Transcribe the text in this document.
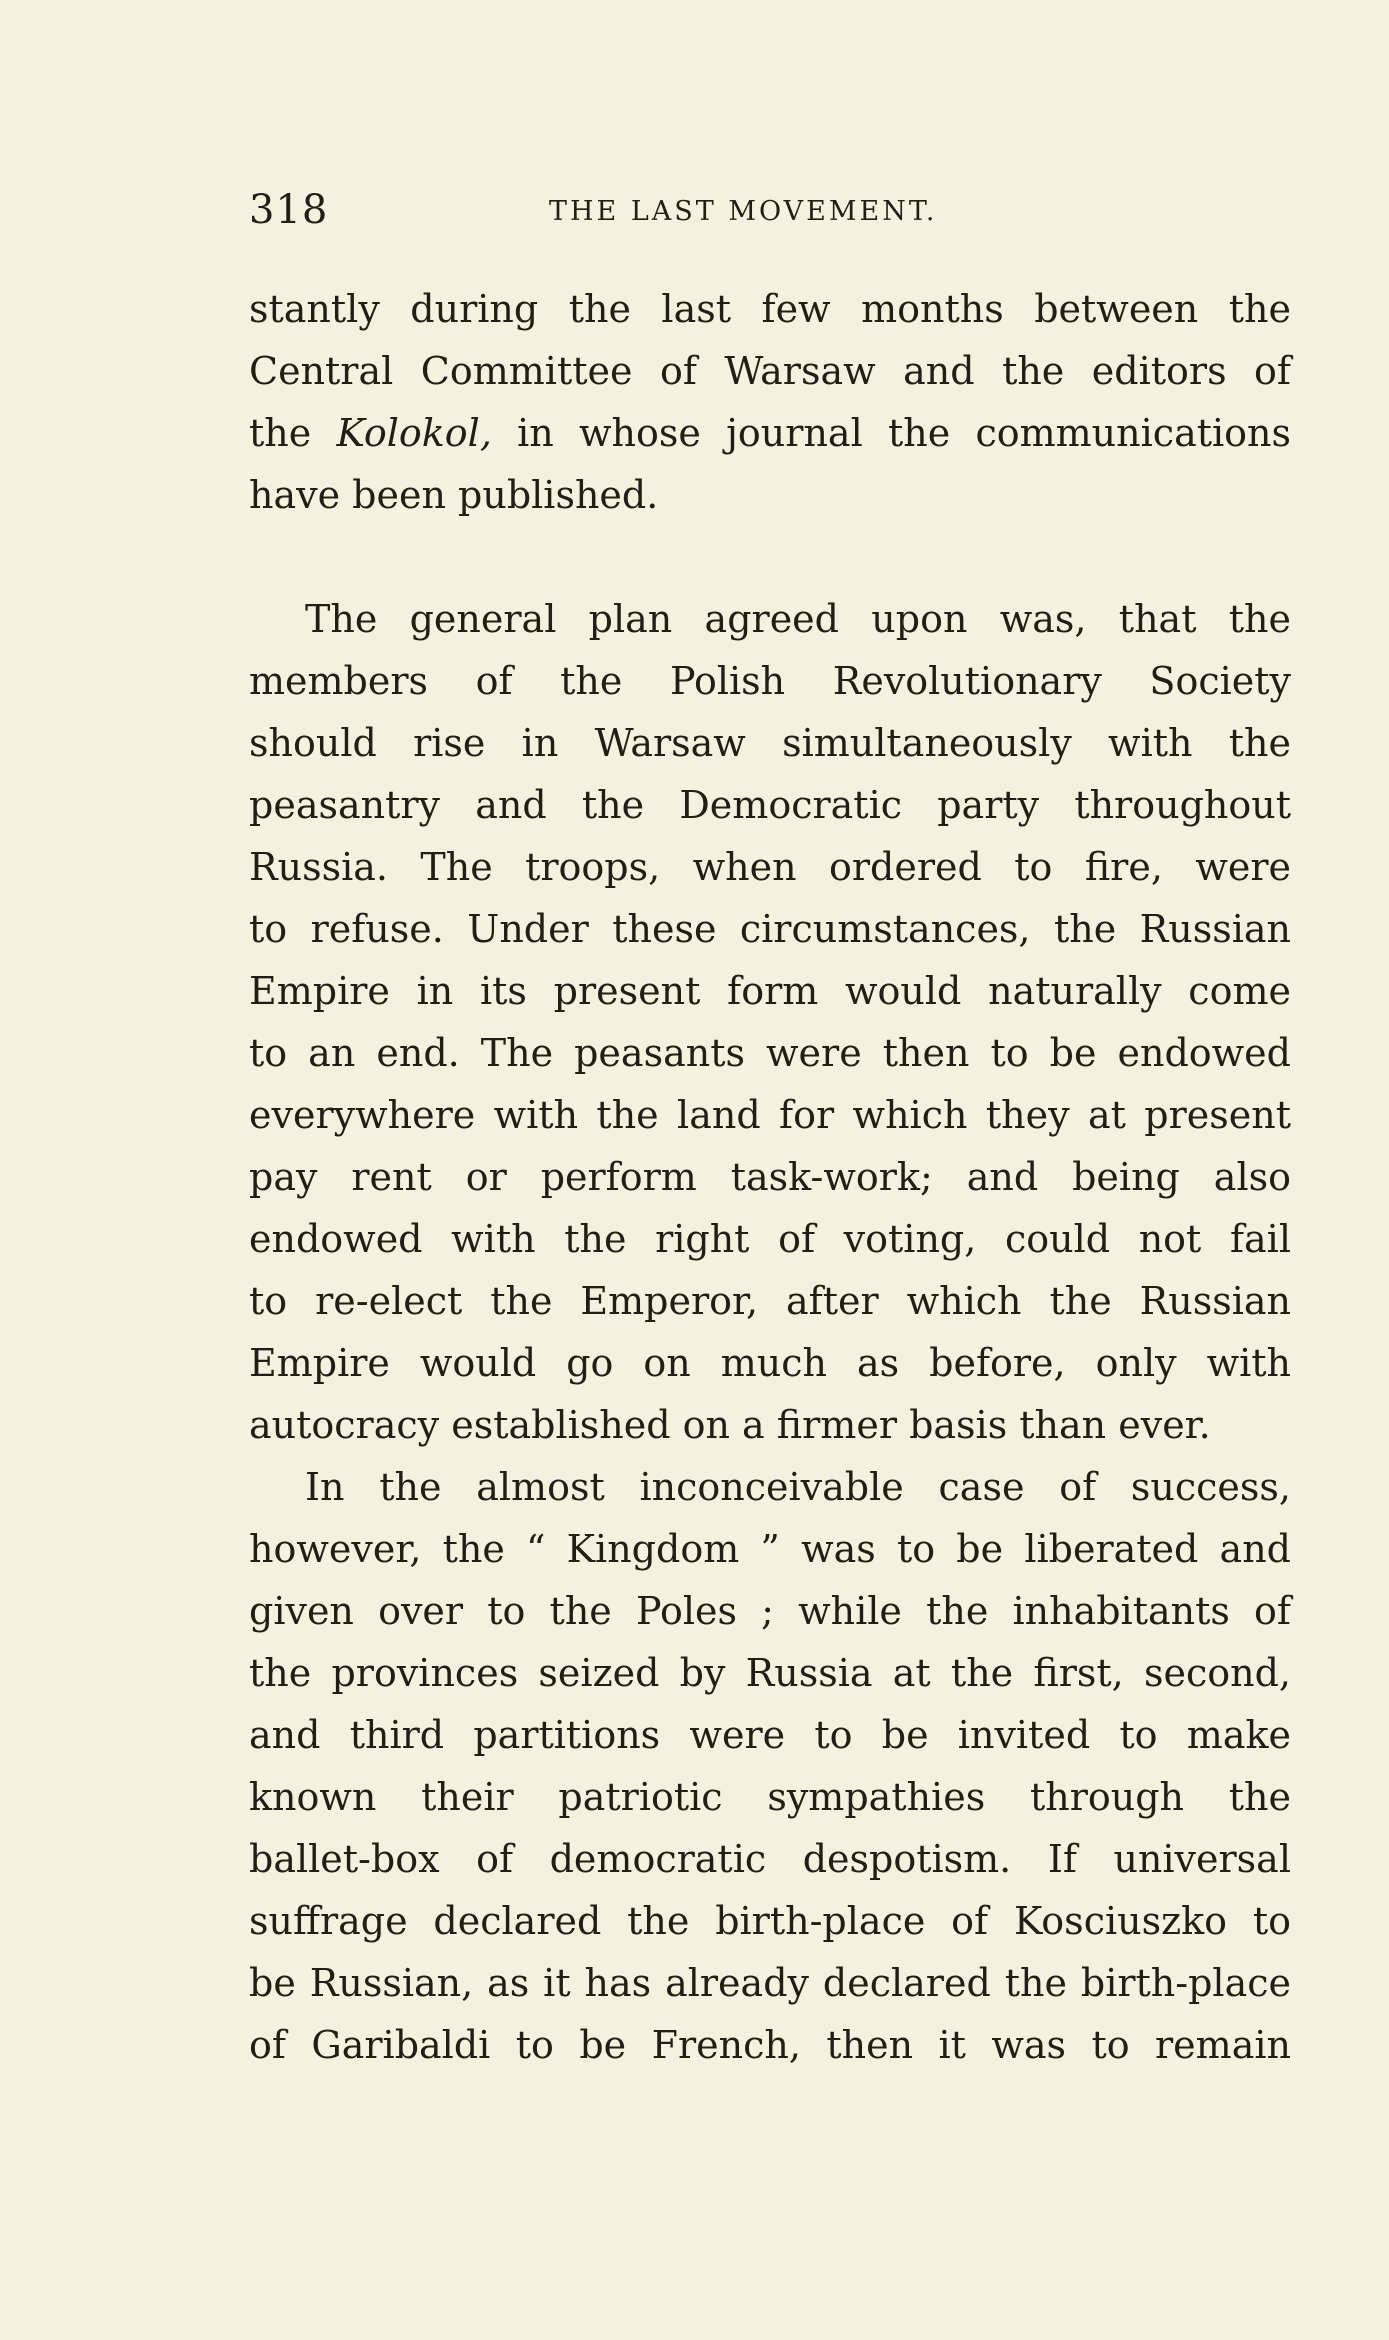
318	THE LAST MOVEMENT.
stantly during the last few months between the
Central Committee of Warsaw and the editors of
the Kolokol, in whose journal the communications
have been published.
The general plan agreed upon was, that the
members of the Polish Revolutionary Society
should rise in Warsaw simultaneously with the
peasantry and the Democratic party throughout
Russia. The troops, when ordered to fire, were
to refuse. Under these circumstances, the Russian
Empire in its present form would naturally come
to an end. The peasants were then to be endowed
everywhere with the land for which they at present
pay rent or perform task-work; and being also
endowed with the right of voting, could not fail
to re-elect the Emperor, after which the Russian
Empire would go on much as before, only with
autocracy established on a firmer basis than ever.
In the almost inconceivable case of success,
however, the “ Kingdom ” was to be liberated and
given over to the Poles ; while the inhabitants of
the provinces seized by Russia at the first, second,
and third partitions were to be invited to make
known their patriotic sympathies through the
ballet-box of democratic despotism. If universal
suffrage declared the birth-place of Kosciuszko to
be Russian, as it has already declared the birth-place
of Garibaldi to be French, then it was to remain
